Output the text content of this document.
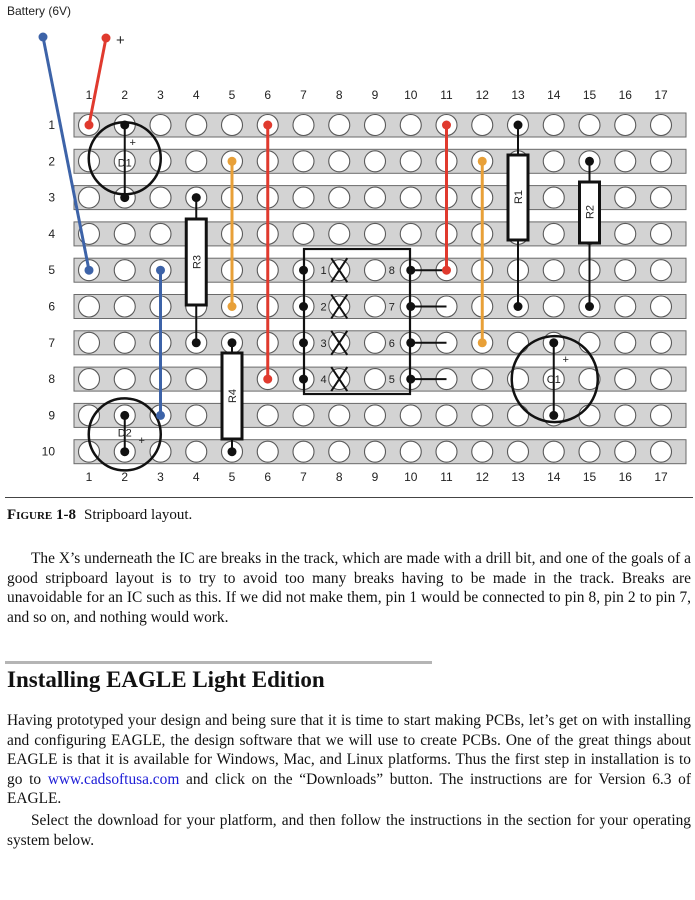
Battery (6V)
+
1 2 3 4 5 6 7 8 9 10 11 12 13 14 15 16 17
1 2 3 4 5 6 7 8 9 10 11 12 13 14 15 16 17
1
2
3
4
5
6
7
8
9
10
1
2
3
4	5
6
7
8
D1
+
D2
+
C1
+
R1
R2
R3
R4
Figure 1-8 Stripboard layout.

The X’s underneath the IC are breaks in the track, which are made with a drill bit, and one of the goals of a good stripboard layout is to try to avoid too many breaks having to be made in the track. Breaks are unavoidable for an IC such as this. If we did not make them, pin 1 would be connected to pin 8, pin 2 to pin 7, and so on, and nothing would work.

Installing EAGLE Light Edition

Having prototyped your design and being sure that it is time to start making PCBs, let’s get on with installing and configuring EAGLE, the design software that we will use to create PCBs. One of the great things about EAGLE is that it is available for Windows, Mac, and Linux platforms. Thus the first step in installation is to go to www.cadsoftusa.com and click on the “Downloads” button. The instructions are for Version 6.3 of EAGLE.

Select the download for your platform, and then follow the instructions in the section for your operating system below.
